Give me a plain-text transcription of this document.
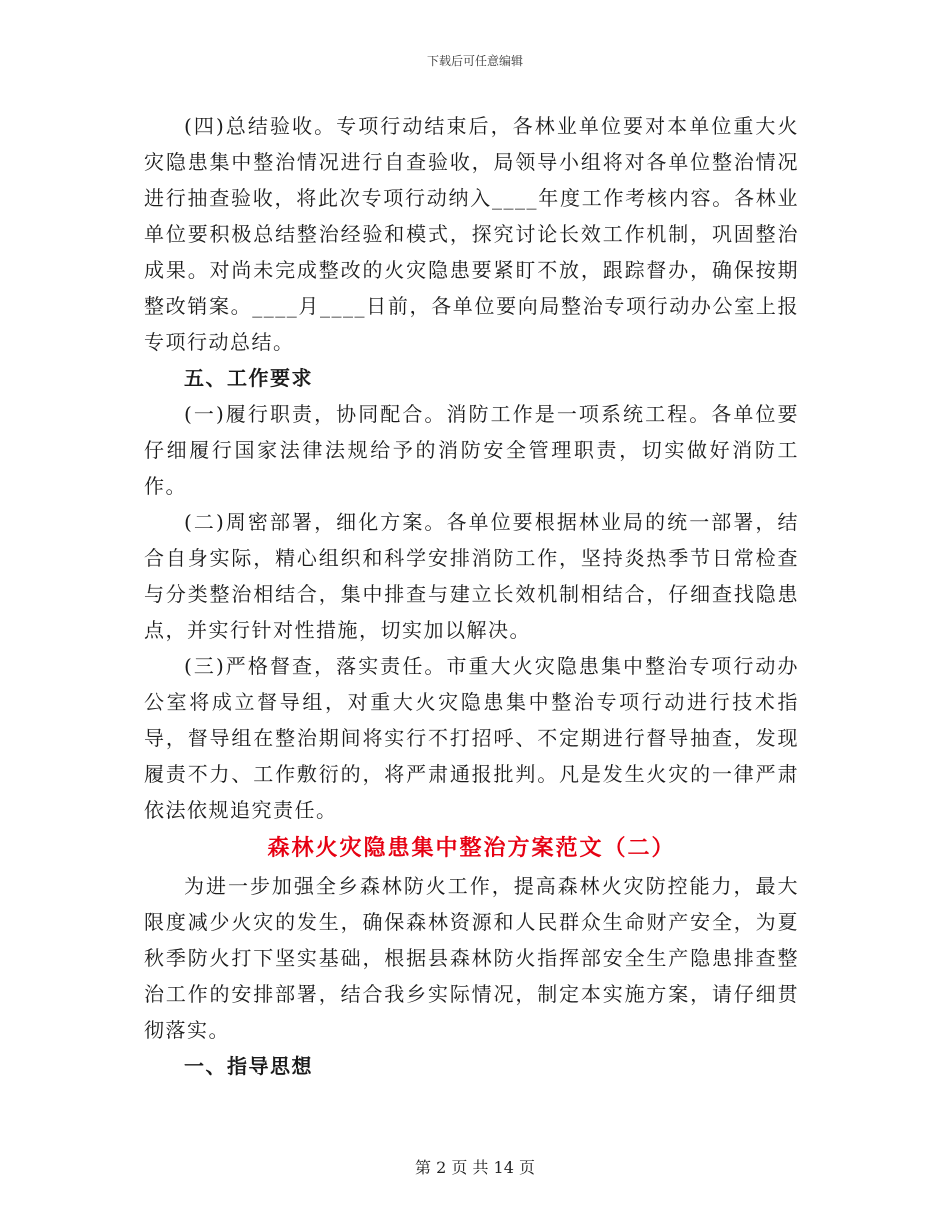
下载后可任意编辑

(四)总结验收。专项行动结束后，各林业单位要对本单位重大火灾隐患集中整治情况进行自查验收，局领导小组将对各单位整治情况进行抽查验收，将此次专项行动纳入____年度工作考核内容。各林业单位要积极总结整治经验和模式，探究讨论长效工作机制，巩固整治成果。对尚未完成整改的火灾隐患要紧盯不放，跟踪督办，确保按期整改销案。____月____日前，各单位要向局整治专项行动办公室上报专项行动总结。

五、工作要求

(一)履行职责，协同配合。消防工作是一项系统工程。各单位要仔细履行国家法律法规给予的消防安全管理职责，切实做好消防工作。

(二)周密部署，细化方案。各单位要根据林业局的统一部署，结合自身实际，精心组织和科学安排消防工作，坚持炎热季节日常检查与分类整治相结合，集中排查与建立长效机制相结合，仔细查找隐患点，并实行针对性措施，切实加以解决。

(三)严格督查，落实责任。市重大火灾隐患集中整治专项行动办公室将成立督导组，对重大火灾隐患集中整治专项行动进行技术指导，督导组在整治期间将实行不打招呼、不定期进行督导抽查，发现履责不力、工作敷衍的，将严肃通报批判。凡是发生火灾的一律严肃依法依规追究责任。

森林火灾隐患集中整治方案范文（二）

为进一步加强全乡森林防火工作，提高森林火灾防控能力，最大限度减少火灾的发生，确保森林资源和人民群众生命财产安全，为夏秋季防火打下坚实基础，根据县森林防火指挥部安全生产隐患排查整治工作的安排部署，结合我乡实际情况，制定本实施方案，请仔细贯彻落实。

一、指导思想

第 2 页 共 14 页
